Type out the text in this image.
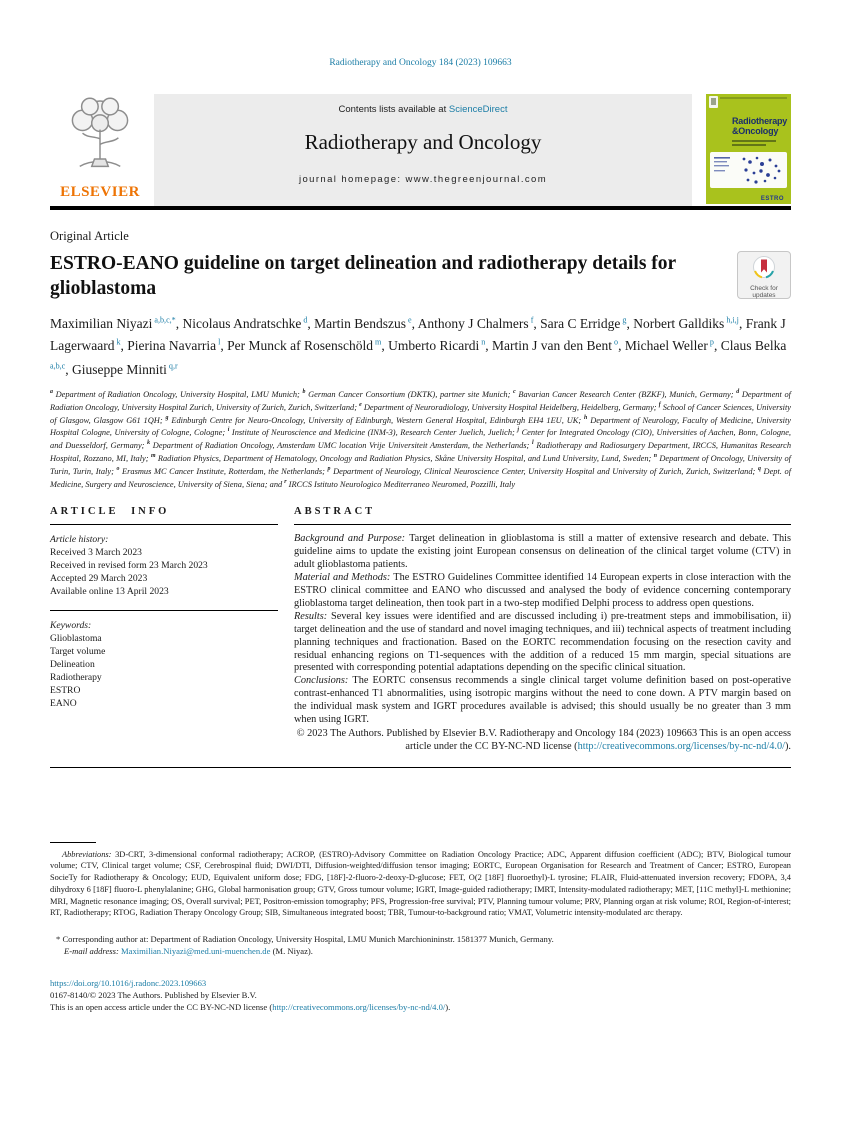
Radiotherapy and Oncology 184 (2023) 109663
ELSEVIER
Contents lists available at ScienceDirect
Radiotherapy and Oncology
journal homepage: www.thegreenjournal.com
Radiotherapy
&Oncology
ESTRO
Original Article
ESTRO-EANO guideline on target delineation and radiotherapy details for glioblastoma	Check for
updates
Maximilian Niyazi $^{a,b,c,*}$, Nicolaus Andratschke $^d$, Martin Bendszus $^e$, Anthony J Chalmers $^f$, Sara C Erridge $^g$, Norbert Galldiks $^{h,i,j}$, Frank J Lagerwaard $^k$, Pierina Navarria $^l$, Per Munck af Rosenschöld $^m$, Umberto Ricardi $^n$, Martin J van den Bent $^o$, Michael Weller $^p$, Claus Belka $^{a,b,c}$, Giuseppe Minniti $^{q,r}$
$^a$ Department of Radiation Oncology, University Hospital, LMU Munich; $^b$ German Cancer Consortium (DKTK), partner site Munich; $^c$ Bavarian Cancer Research Center (BZKF), Munich, Germany; $^d$ Department of Radiation Oncology, University Hospital Zurich, University of Zurich, Zurich, Switzerland; $^e$ Department of Neuroradiology, University Hospital Heidelberg, Heidelberg, Germany; $^f$ School of Cancer Sciences, University of Glasgow, Glasgow G61 1QH; $^g$ Edinburgh Centre for Neuro-Oncology, University of Edinburgh, Western General Hospital, Edinburgh EH4 1EU, UK; $^h$ Department of Neurology, Faculty of Medicine, University Hospital Cologne, University of Cologne, Cologne; $^i$ Institute of Neuroscience and Medicine (INM-3), Research Center Juelich, Juelich; $^j$ Center for Integrated Oncology (CIO), Universities of Aachen, Bonn, Cologne, and Duesseldorf, Germany; $^k$ Department of Radiation Oncology, Amsterdam UMC location Vrije Universiteit Amsterdam, the Netherlands; $^l$ Radiotherapy and Radiosurgery Department, IRCCS, Humanitas Research Hospital, Rozzano, MI, Italy; $^m$ Radiation Physics, Department of Hematology, Oncology and Radiation Physics, Skåne University Hospital, and Lund University, Lund, Sweden; $^n$ Department of Oncology, University of Turin, Turin, Italy; $^o$ Erasmus MC Cancer Institute, Rotterdam, the Netherlands; $^p$ Department of Neurology, Clinical Neuroscience Center, University Hospital and University of Zurich, Zurich, Switzerland; $^q$ Dept. of Medicine, Surgery and Neuroscience, University of Siena, Siena; and $^r$ IRCCS Istituto Neurologico Mediterraneo Neuromed, Pozzilli, Italy
ARTICLE INFO
Article history:
Received 3 March 2023
Received in revised form 23 March 2023
Accepted 29 March 2023
Available online 13 April 2023
Keywords:
Glioblastoma
Target volume
Delineation
Radiotherapy
ESTRO
EANO
ABSTRACT
Background and Purpose: Target delineation in glioblastoma is still a matter of extensive research and debate. This guideline aims to update the existing joint European consensus on delineation of the clinical target volume (CTV) in adult glioblastoma patients.
Material and Methods: The ESTRO Guidelines Committee identified 14 European experts in close interaction with the ESTRO clinical committee and EANO who discussed and analysed the body of evidence concerning contemporary glioblastoma target delineation, then took part in a two-step modified Delphi process to address open questions.
Results: Several key issues were identified and are discussed including i) pre-treatment steps and immobilisation, ii) target delineation and the use of standard and novel imaging techniques, and iii) technical aspects of treatment including planning techniques and fractionation. Based on the EORTC recommendation focusing on the resection cavity and residual enhancing regions on T1-sequences with the addition of a reduced 15 mm margin, special situations are presented with corresponding potential adaptations depending on the specific clinical situation.
Conclusions: The EORTC consensus recommends a single clinical target volume definition based on post-operative contrast-enhanced T1 abnormalities, using isotropic margins without the need to cone down. A PTV margin based on the individual mask system and IGRT procedures available is advised; this should usually be no greater than 3 mm when using IGRT.
© 2023 The Authors. Published by Elsevier B.V. Radiotherapy and Oncology 184 (2023) 109663 This is an open access article under the CC BY-NC-ND license (http://creativecommons.org/licenses/by-nc-nd/4.0/).
Abbreviations: 3D-CRT, 3-dimensional conformal radiotherapy; ACROP, (ESTRO)-Advisory Committee on Radiation Oncology Practice; ADC, Apparent diffusion coefficient (ADC); BTV, Biological tumour volume; CTV, Clinical target volume; CSF, Cerebrospinal fluid; DWI/DTI, Diffusion-weighted/diffusion tensor imaging; EORTC, European Organisation for Research and Treatment of Cancer; ESTRO, European SocieTy for Radiotherapy & Oncology; EUD, Equivalent uniform dose; FDG, [18F]-2-fluoro-2-deoxy-D-glucose; FET, O(2 [18F] fluoroethyl)-L tyrosine; FLAIR, Fluid-attenuated inversion recovery; FDOPA, 3,4 dihydroxy 6 [18F] fluoro-L phenylalanine; GHG, Global harmonisation group; GTV, Gross tumour volume; IGRT, Image-guided radiotherapy; IMRT, Intensity-modulated radiotherapy; MET, [11C methyl]-L methionine; MRI, Magnetic resonance imaging; OS, Overall survival; PET, Positron-emission tomography; PFS, Progression-free survival; PTV, Planning tumour volume; PRV, Planning organ at risk volume; ROI, Region-of-interest; RT, Radiotherapy; RTOG, Radiation Therapy Oncology Group; SIB, Simultaneous integrated boost; TBR, Tumour-to-background ratio; VMAT, Volumetric intensity-modulated arc therapy.
* Corresponding author at: Department of Radiation Oncology, University Hospital, LMU Munich Marchionininstr. 1581377 Munich, Germany.
E-mail address: Maximilian.Niyazi@med.uni-muenchen.de (M. Niyaz).
https://doi.org/10.1016/j.radonc.2023.109663
0167-8140/© 2023 The Authors. Published by Elsevier B.V.
This is an open access article under the CC BY-NC-ND license (http://creativecommons.org/licenses/by-nc-nd/4.0/).
